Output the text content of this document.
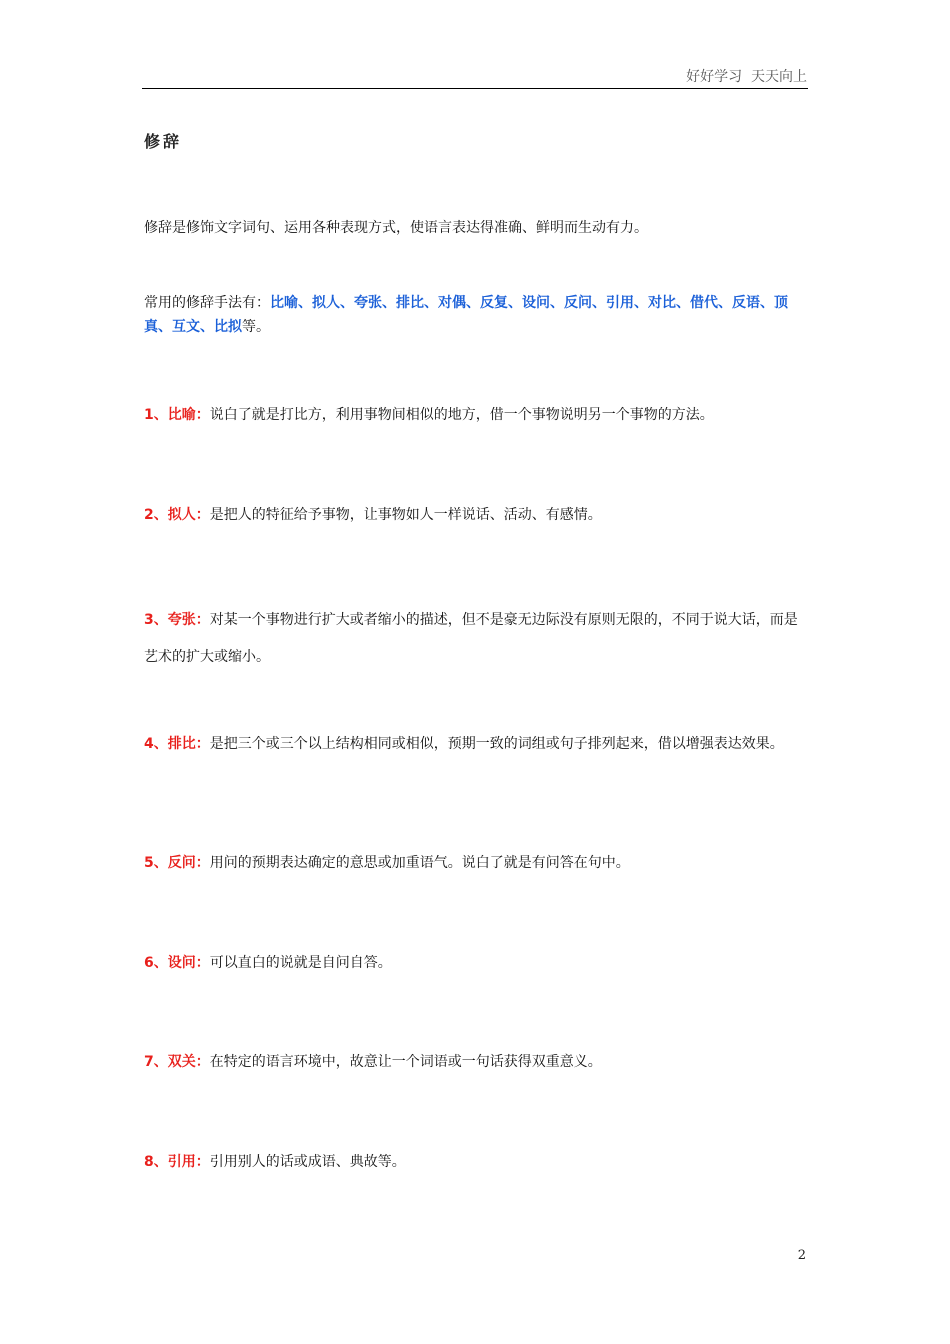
好好学习  天天向上
修辞
修辞是修饰文字词句、运用各种表现方式，使语言表达得准确、鲜明而生动有力。
常用的修辞手法有：比喻、拟人、夸张、排比、对偶、反复、设问、反问、引用、对比、借代、反语、顶真、互文、比拟等。
1、比喻：说白了就是打比方，利用事物间相似的地方，借一个事物说明另一个事物的方法。
2、拟人：是把人的特征给予事物，让事物如人一样说话、活动、有感情。
3、夸张：对某一个事物进行扩大或者缩小的描述，但不是豪无边际没有原则无限的，不同于说大话，而是艺术的扩大或缩小。
4、排比：是把三个或三个以上结构相同或相似，预期一致的词组或句子排列起来，借以增强表达效果。
5、反问：用问的预期表达确定的意思或加重语气。说白了就是有问答在句中。
6、设问：可以直白的说就是自问自答。
7、双关：在特定的语言环境中，故意让一个词语或一句话获得双重意义。
8、引用：引用别人的话或成语、典故等。
2
